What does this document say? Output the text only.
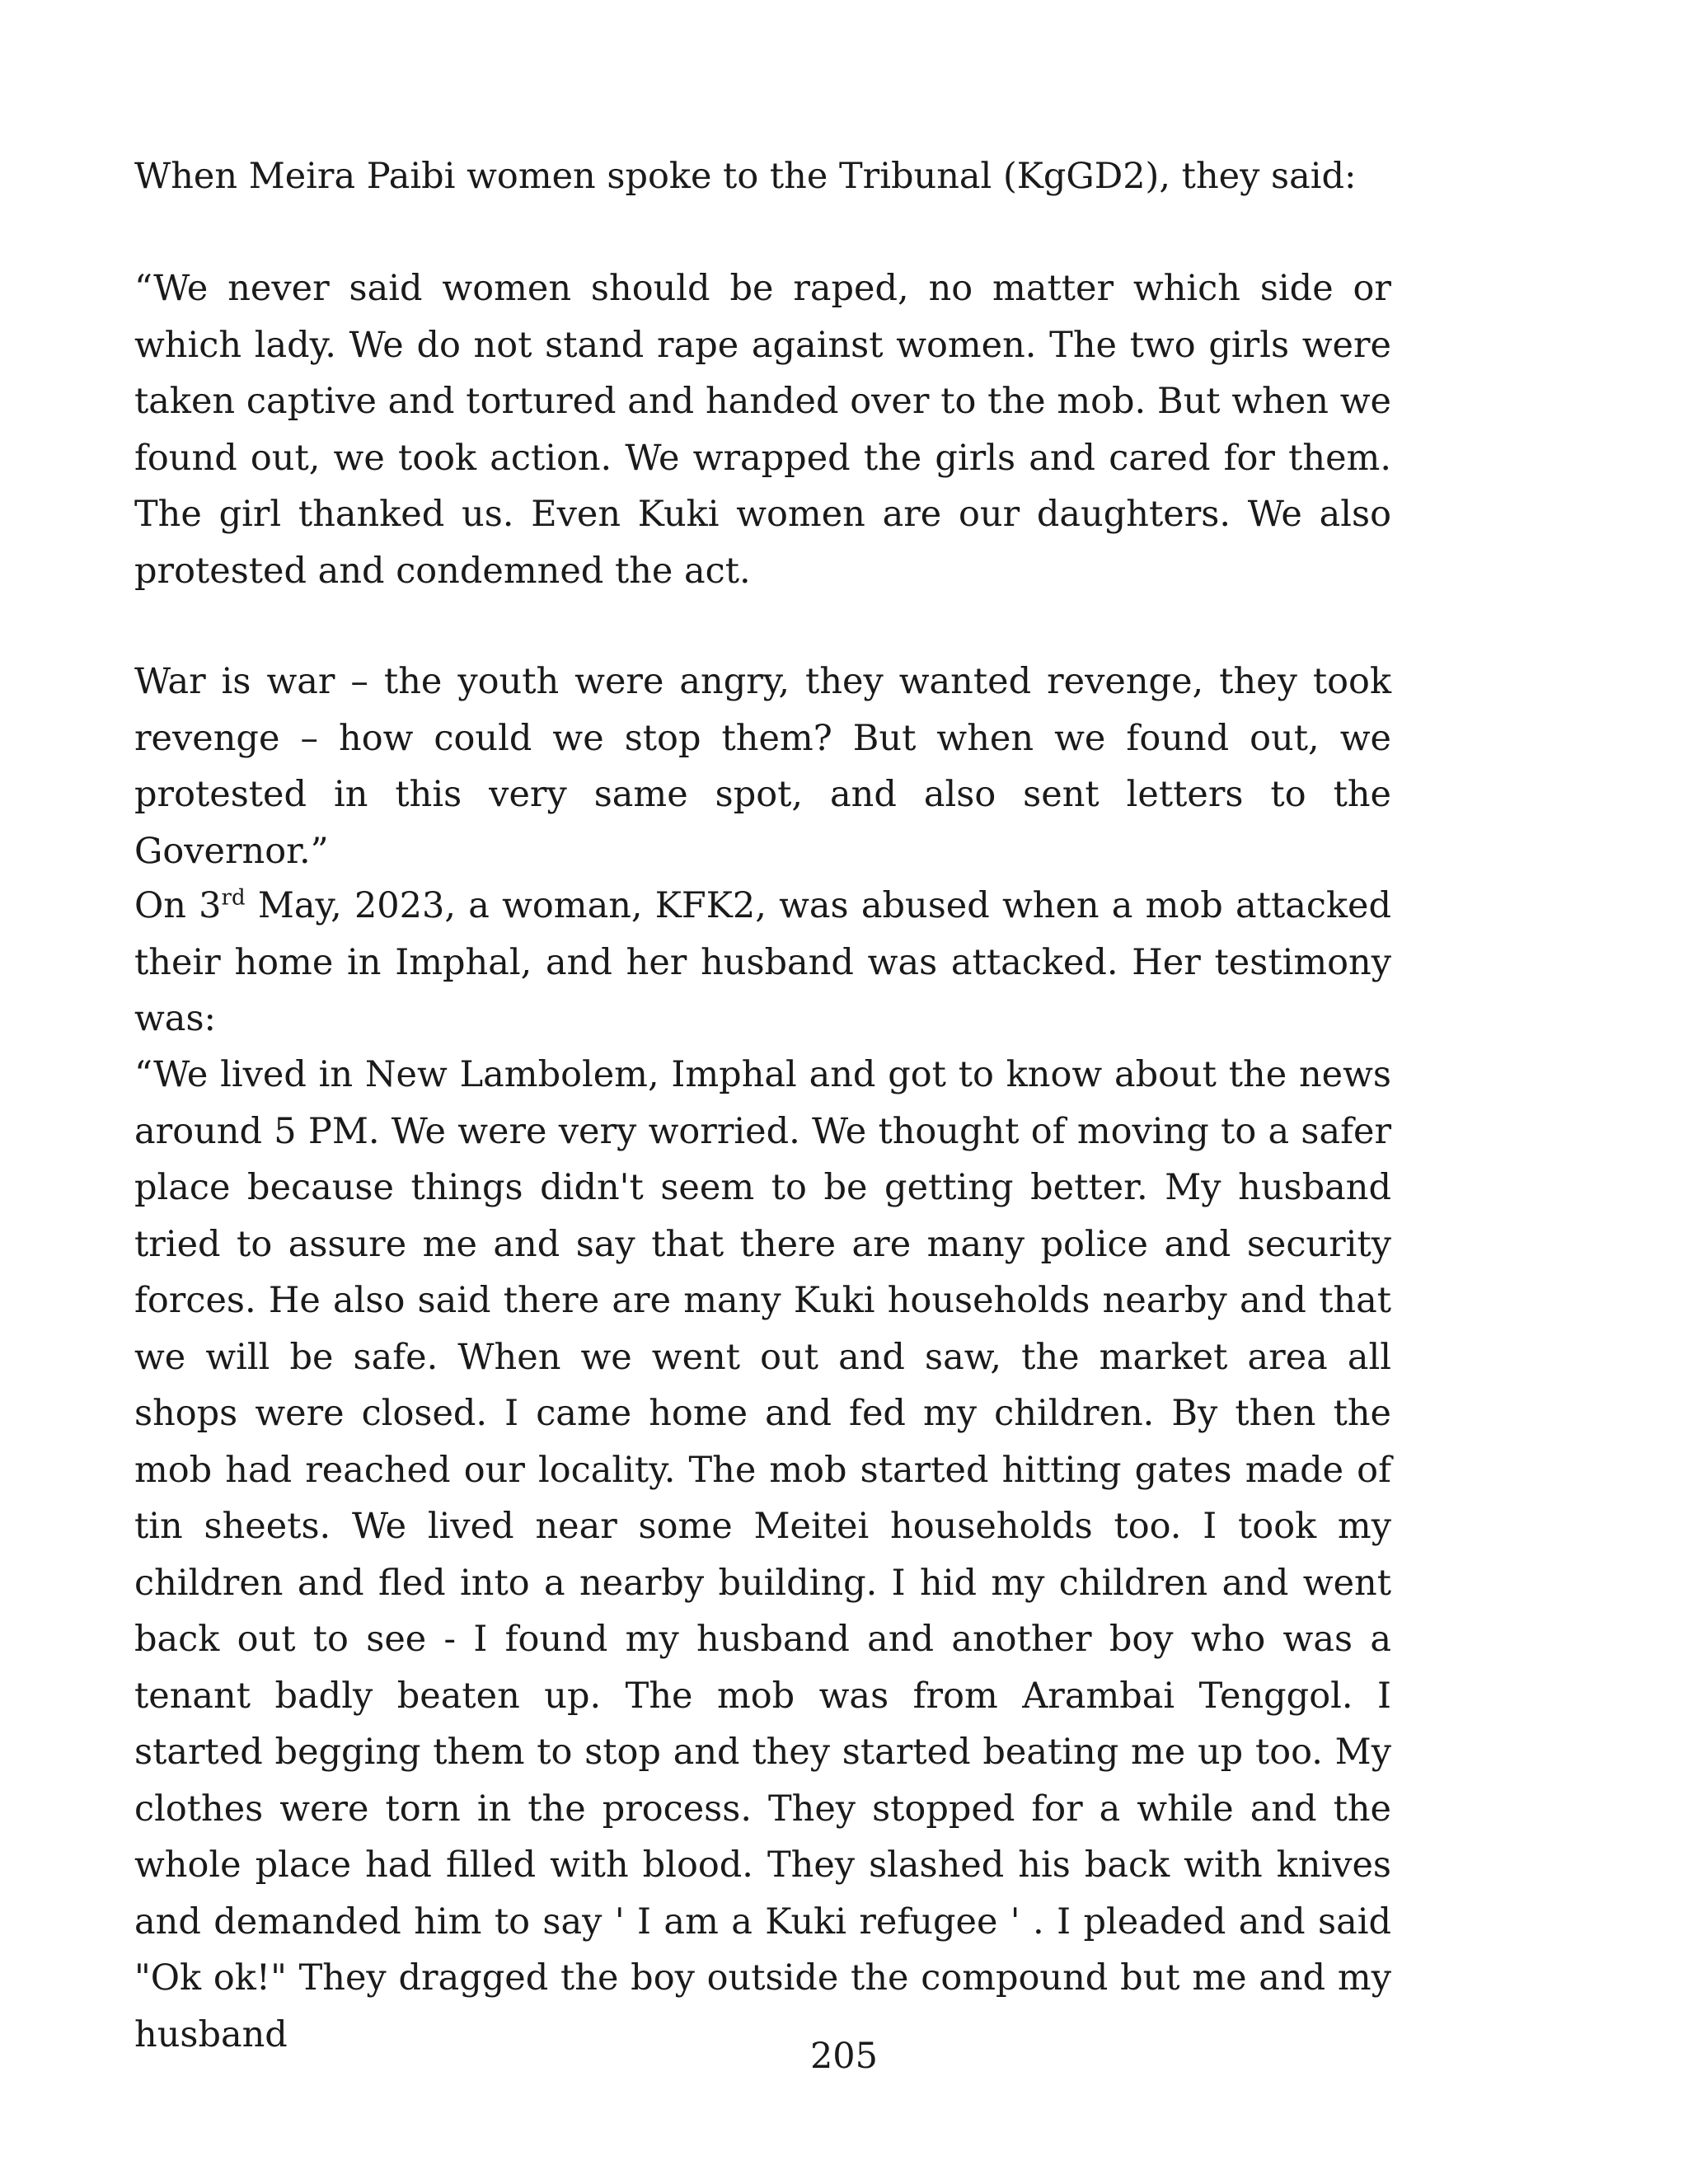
When Meira Paibi women spoke to the Tribunal (KgGD2), they said:

“We never said women should be raped, no matter which side or which lady. We do not stand rape against women. The two girls were taken captive and tortured and handed over to the mob. But when we found out, we took action. We wrapped the girls and cared for them. The girl thanked us. Even Kuki women are our daughters. We also protested and condemned the act.

War is war – the youth were angry, they wanted revenge, they took revenge – how could we stop them? But when we found out, we protested in this very same spot, and also sent letters to the Governor.”

On 3rd May, 2023, a woman, KFK2, was abused when a mob attacked their home in Imphal, and her husband was attacked. Her testimony was:

“We lived in New Lambolem, Imphal and got to know about the news around 5 PM. We were very worried. We thought of moving to a safer place because things didn't seem to be getting better. My husband tried to assure me and say that there are many police and security forces. He also said there are many Kuki households nearby and that we will be safe. When we went out and saw, the market area all shops were closed. I came home and fed my children. By then the mob had reached our locality. The mob started hitting gates made of tin sheets. We lived near some Meitei households too. I took my children and fled into a nearby building. I hid my children and went back out to see - I found my husband and another boy who was a tenant badly beaten up. The mob was from Arambai Tenggol. I started begging them to stop and they started beating me up too. My clothes were torn in the process. They stopped for a while and the whole place had filled with blood. They slashed his back with knives and demanded him to say ' I am a Kuki refugee ' . I pleaded and said "Ok ok!" They dragged the boy outside the compound but me and my husband

205
